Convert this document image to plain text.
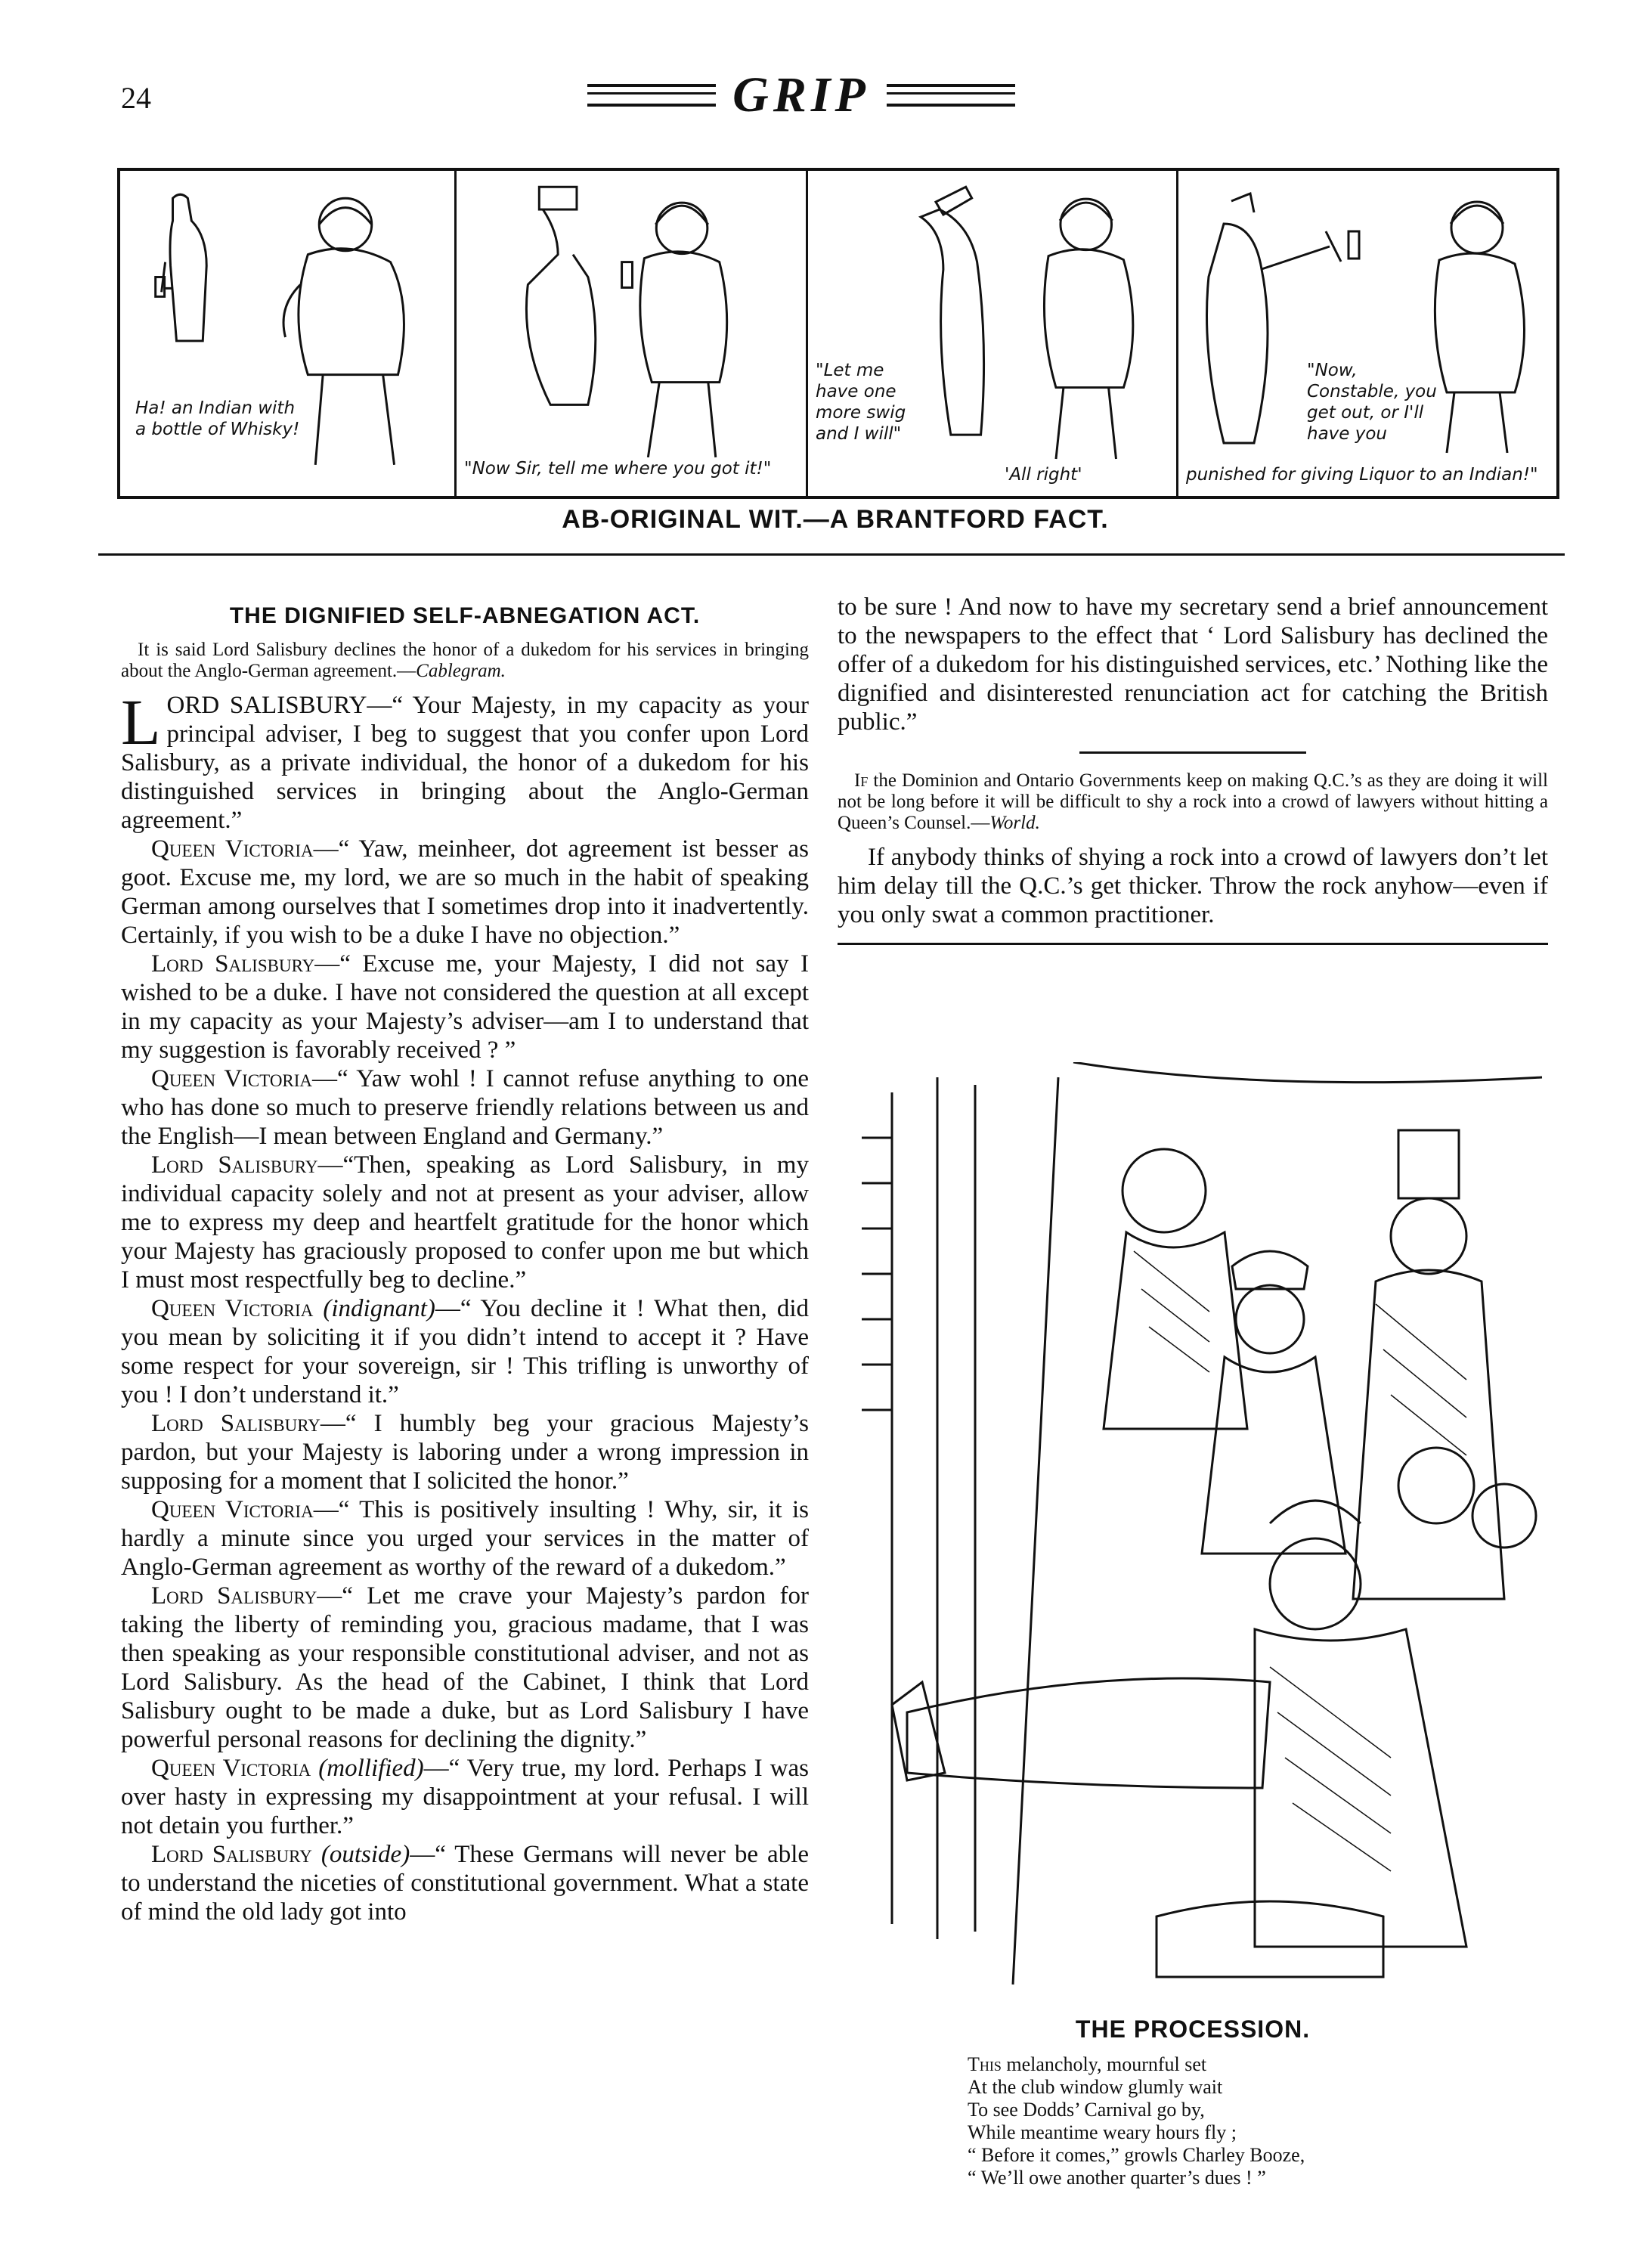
24	GRIP
Ha! an Indian with a bottle of Whisky!
"Now Sir, tell me where you got it!"
"Let me have one more swig and I will"
'All right'
"Now, Constable, you get out, or I'll have you
punished for giving Liquor to an Indian!"
AB-ORIGINAL WIT.—A BRANTFORD FACT.
THE DIGNIFIED SELF-ABNEGATION ACT.

It is said Lord Salisbury declines the honor of a dukedom for his services in bringing about the Anglo-German agreement.—Cablegram.

LORD SALISBURY—“ Your Majesty, in my capacity as your principal adviser, I beg to suggest that you confer upon Lord Salisbury, as a private individual, the honor of a dukedom for his distinguished services in bringing about the Anglo-German agreement.”

Queen Victoria—“ Yaw, meinheer, dot agreement ist besser as goot. Excuse me, my lord, we are so much in the habit of speaking German among ourselves that I sometimes drop into it inadvertently. Certainly, if you wish to be a duke I have no objection.”

Lord Salisbury—“ Excuse me, your Majesty, I did not say I wished to be a duke. I have not considered the question at all except in my capacity as your Majesty’s adviser—am I to understand that my suggestion is favorably received ? ”

Queen Victoria—“ Yaw wohl ! I cannot refuse anything to one who has done so much to preserve friendly relations between us and the English—I mean between England and Germany.”

Lord Salisbury—“Then, speaking as Lord Salisbury, in my individual capacity solely and not at present as your adviser, allow me to express my deep and heartfelt gratitude for the honor which your Majesty has graciously proposed to confer upon me but which I must most respectfully beg to decline.”

Queen Victoria (indignant)—“ You decline it ! What then, did you mean by soliciting it if you didn’t intend to accept it ? Have some respect for your sovereign, sir ! This trifling is unworthy of you ! I don’t understand it.”

Lord Salisbury—“ I humbly beg your gracious Majesty’s pardon, but your Majesty is laboring under a wrong impression in supposing for a moment that I solicited the honor.”

Queen Victoria—“ This is positively insulting ! Why, sir, it is hardly a minute since you urged your services in the matter of Anglo-German agreement as worthy of the reward of a dukedom.”

Lord Salisbury—“ Let me crave your Majesty’s pardon for taking the liberty of reminding you, gracious madame, that I was then speaking as your responsible constitutional adviser, and not as Lord Salisbury. As the head of the Cabinet, I think that Lord Salisbury ought to be made a duke, but as Lord Salisbury I have powerful personal reasons for declining the dignity.”

Queen Victoria (mollified)—“ Very true, my lord. Perhaps I was over hasty in expressing my disappointment at your refusal. I will not detain you further.”

Lord Salisbury (outside)—“ These Germans will never be able to understand the niceties of constitutional government. What a state of mind the old lady got into

to be sure ! And now to have my secretary send a brief announcement to the newspapers to the effect that ‘ Lord Salisbury has declined the offer of a dukedom for his distinguished services, etc.’ Nothing like the dignified and disinterested renunciation act for catching the British public.”

If the Dominion and Ontario Governments keep on making Q.C.’s as they are doing it will not be long before it will be difficult to shy a rock into a crowd of lawyers without hitting a Queen’s Counsel.—World.

If anybody thinks of shying a rock into a crowd of lawyers don’t let him delay till the Q.C.’s get thicker. Throw the rock anyhow—even if you only swat a common practitioner.

THE PROCESSION.
This melancholy, mournful set
At the club window glumly wait
To see Dodds’ Carnival go by,
While meantime weary hours fly ;
“ Before it comes,” growls Charley Booze,
“ We’ll owe another quarter’s dues ! ”
